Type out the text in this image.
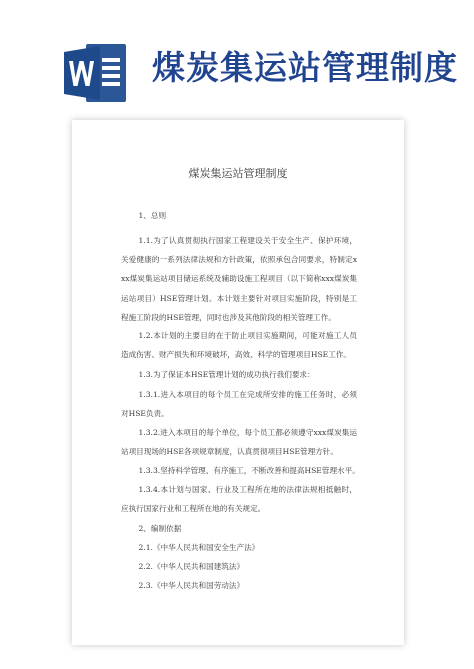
煤炭集运站管理制度
煤炭集运站管理制度
1、总则
1.1.为了认真贯彻执行国家工程建设关于安全生产、保护环境，关爱健康的一系列法律法规和方针政策，依照承包合同要求，特制定xxx煤炭集运站项目储运系统及辅助设施工程项目（以下简称xxx煤炭集运站项目）HSE管理计划。本计划主要针对项目实施阶段，特别是工程施工阶段的HSE管理，同时也涉及其他阶段的相关管理工作。
1.2.本计划的主要目的在于防止项目实施期间，可能对施工人员造成伤害、财产损失和环境破坏，高效、科学的管理项目HSE工作。
1.3.为了保证本HSE管理计划的成功执行我们要求：
1.3.1.进入本项目的每个员工在完成所安排的施工任务时，必须对HSE负责。
1.3.2.进入本项目的每个单位，每个员工都必须遵守xxx煤炭集运站项目现场的HSE各项规章制度，认真贯彻项目HSE管理方针。
1.3.3.坚持科学管理、有序施工，不断改善和提高HSE管理水平。
1.3.4.本计划与国家、行业及工程所在地的法律法规相抵触时，应执行国家行业和工程所在地的有关规定。
2、编制依据
2.1.《中华人民共和国安全生产法》
2.2.《中华人民共和国建筑法》
2.3.《中华人民共和国劳动法》
